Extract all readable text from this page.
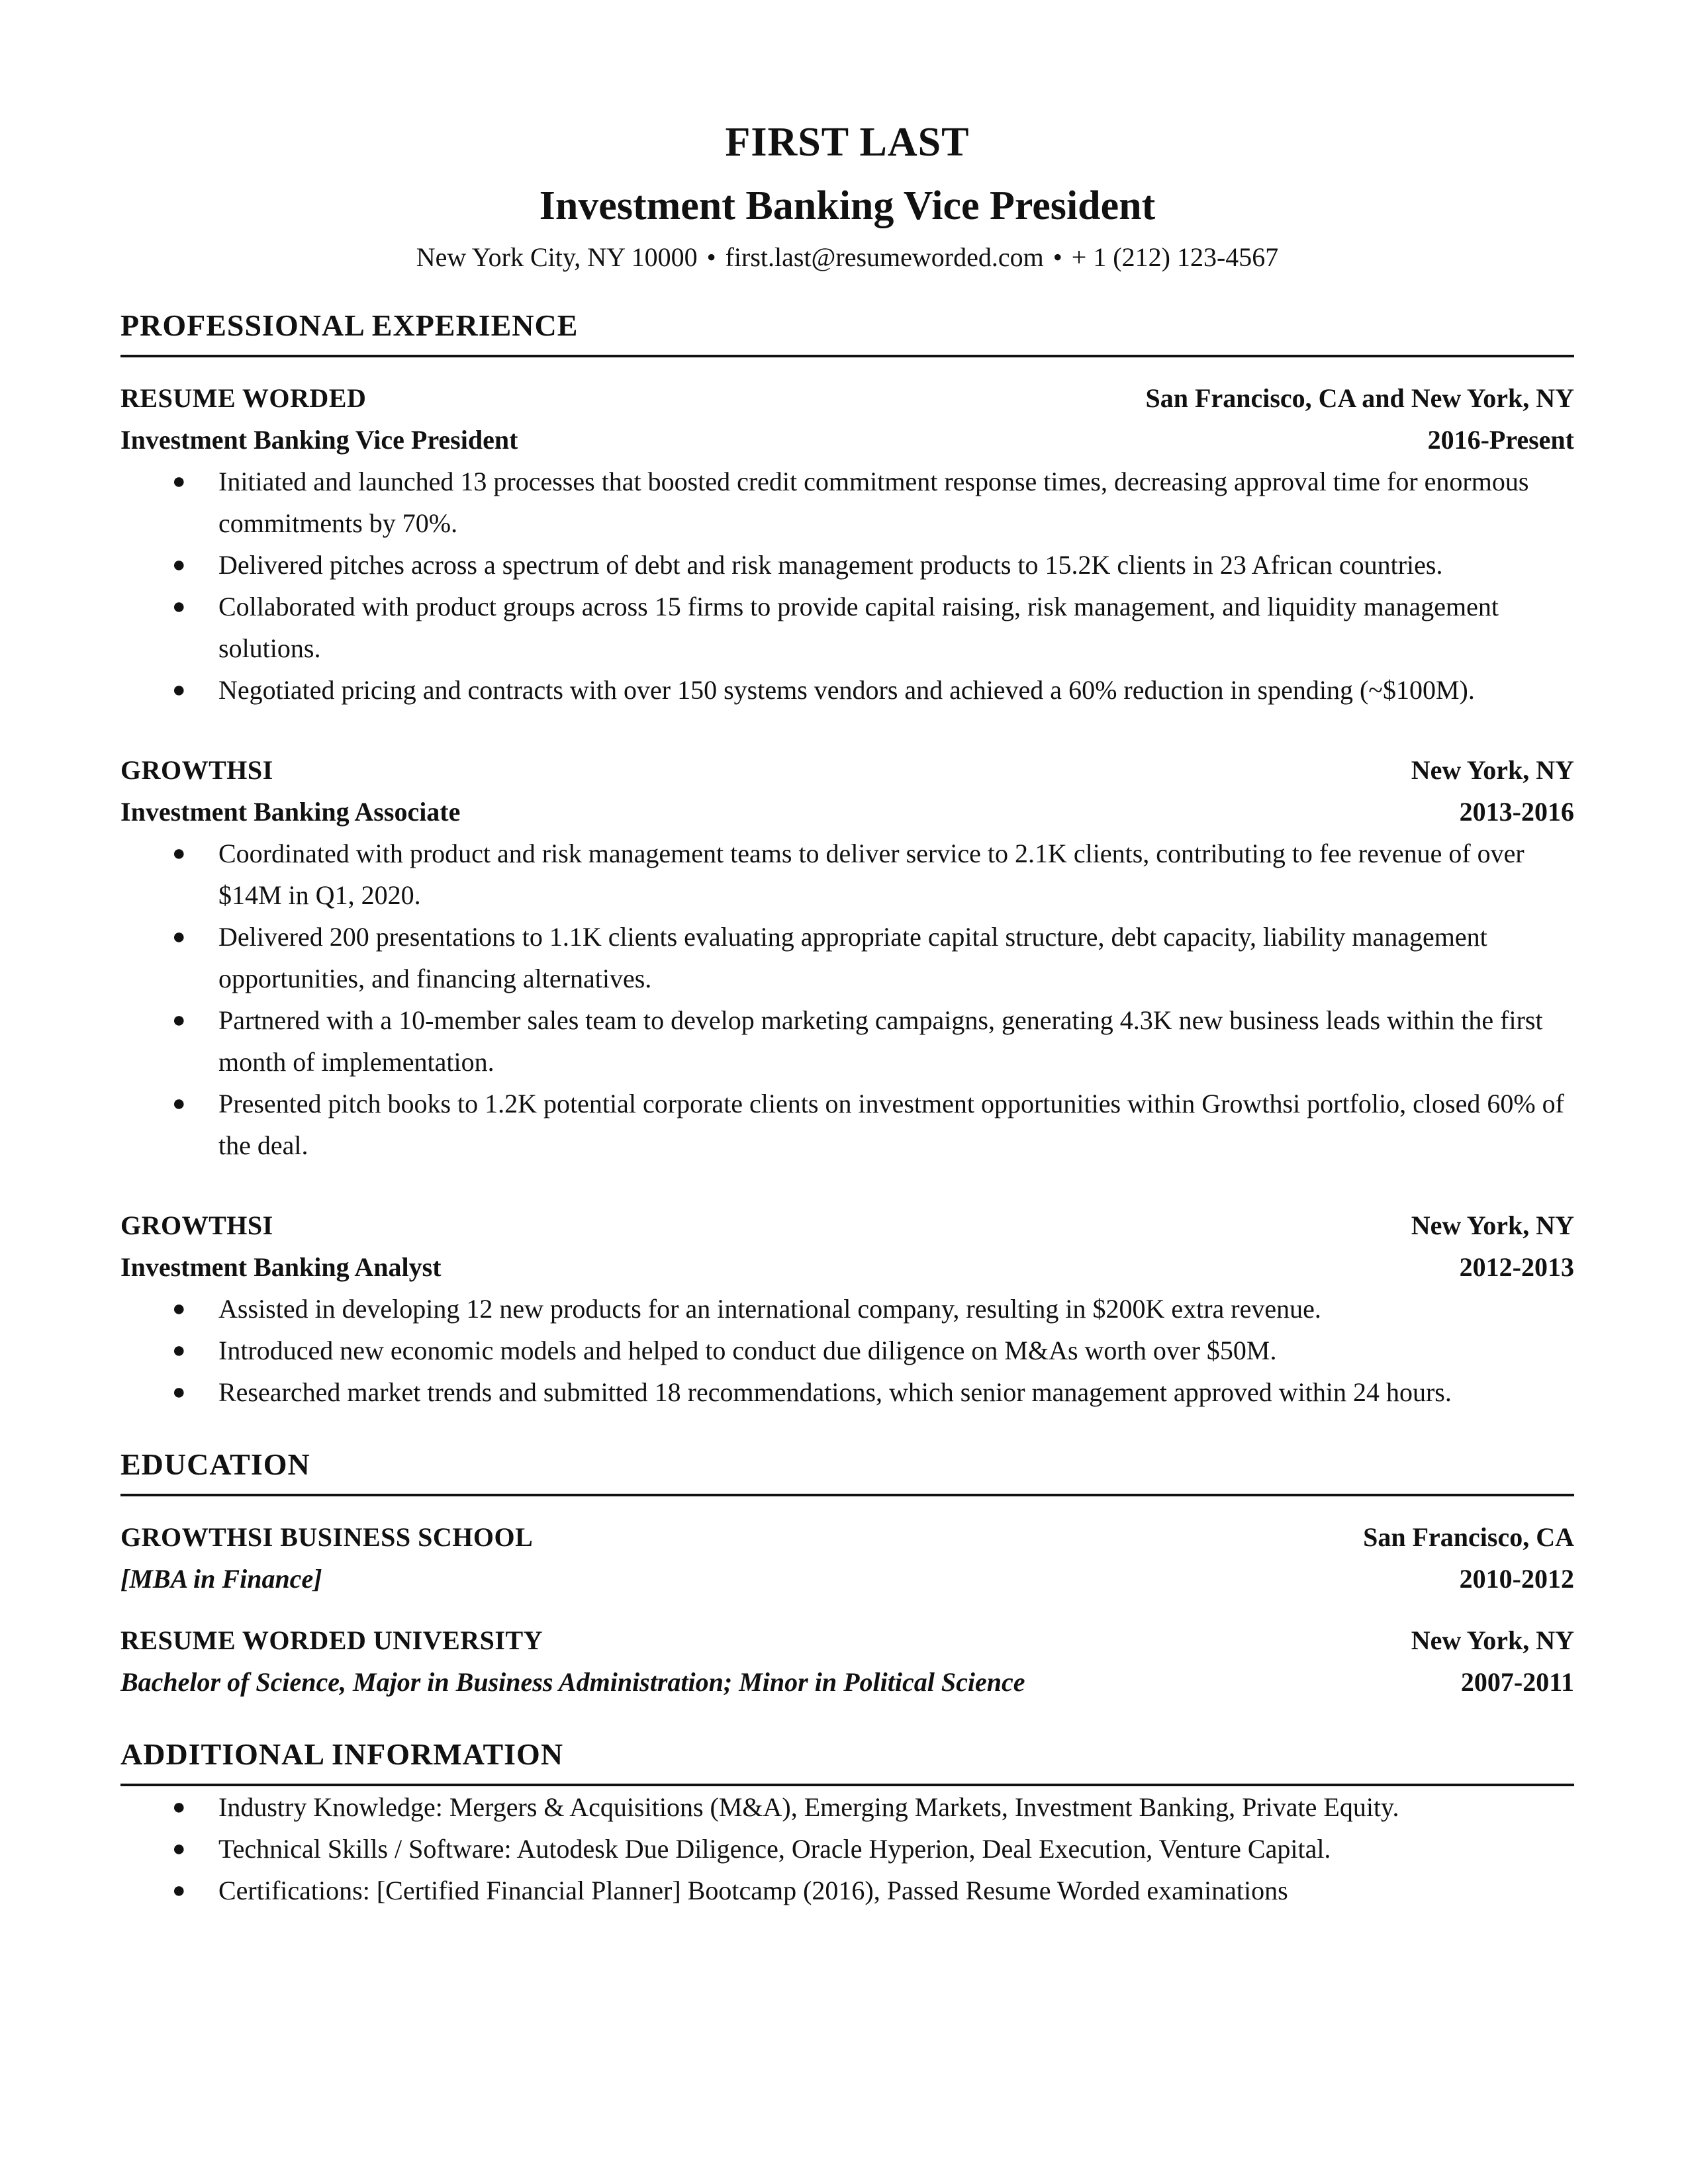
FIRST LAST
Investment Banking Vice President
New York City, NY 10000 • first.last@resumeworded.com • + 1 (212) 123-4567
PROFESSIONAL EXPERIENCE
RESUME WORDED	San Francisco, CA and New York, NY
Investment Banking Vice President	2016-Present
● Initiated and launched 13 processes that boosted credit commitment response times, decreasing approval time for enormous commitments by 70%.
● Delivered pitches across a spectrum of debt and risk management products to 15.2K clients in 23 African countries.
● Collaborated with product groups across 15 firms to provide capital raising, risk management, and liquidity management solutions.
● Negotiated pricing and contracts with over 150 systems vendors and achieved a 60% reduction in spending (~$100M).
GROWTHSI	New York, NY
Investment Banking Associate	2013-2016
● Coordinated with product and risk management teams to deliver service to 2.1K clients, contributing to fee revenue of over $14M in Q1, 2020.
● Delivered 200 presentations to 1.1K clients evaluating appropriate capital structure, debt capacity, liability management opportunities, and financing alternatives.
● Partnered with a 10-member sales team to develop marketing campaigns, generating 4.3K new business leads within the first month of implementation.
● Presented pitch books to 1.2K potential corporate clients on investment opportunities within Growthsi portfolio, closed 60% of the deal.
GROWTHSI	New York, NY
Investment Banking Analyst	2012-2013
● Assisted in developing 12 new products for an international company, resulting in $200K extra revenue.
● Introduced new economic models and helped to conduct due diligence on M&As worth over $50M.
● Researched market trends and submitted 18 recommendations, which senior management approved within 24 hours.
EDUCATION
GROWTHSI BUSINESS SCHOOL	San Francisco, CA
[MBA in Finance]	2010-2012
RESUME WORDED UNIVERSITY	New York, NY
Bachelor of Science, Major in Business Administration; Minor in Political Science	2007-2011
ADDITIONAL INFORMATION
● Industry Knowledge: Mergers & Acquisitions (M&A), Emerging Markets, Investment Banking, Private Equity.
● Technical Skills / Software: Autodesk Due Diligence, Oracle Hyperion, Deal Execution, Venture Capital.
● Certifications: [Certified Financial Planner] Bootcamp (2016), Passed Resume Worded examinations
